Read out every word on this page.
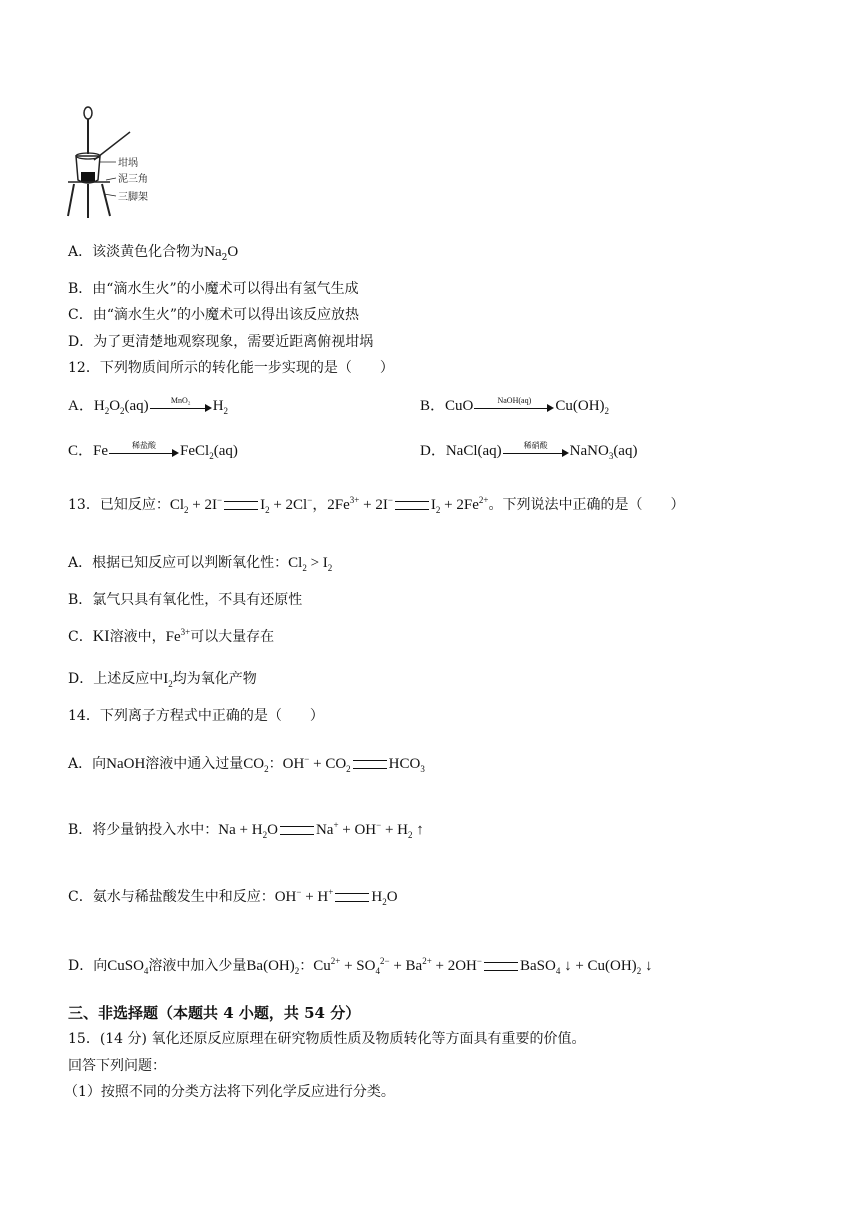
坩埚
泥三角
三脚架
A．该淡黄色化合物为$Na_2O$
B．由“滴水生火”的小魔术可以得出有氢气生成
C．由“滴水生火”的小魔术可以得出该反应放热
D．为了更清楚地观察现象，需要近距离俯视坩埚
12．下列物质间所示的转化能一步实现的是（　　）
A．$H_2O_2(aq)$	MnO₂	$H_2$	B．CuO	NaOH(aq)	$Cu(OH)_2$
C．Fe	稀盐酸	FeCl$_2$(aq)	D．NaCl(aq)	稀硝酸	NaNO$_3$(aq)
13．已知反应：$Cl_2 + 2I^-$	$I_2 + 2Cl^-$，$2Fe^{3+} + 2I^-$	$I_2 + 2Fe^{2+}$。下列说法中正确的是（　　）
A．根据已知反应可以判断氧化性：$Cl_2 > I_2$
B．氯气只具有氧化性，不具有还原性
C．KI溶液中，$Fe^{3+}$可以大量存在
D．上述反应中$I_2$均为氧化产物
14．下列离子方程式中正确的是（　　）
A．向NaOH溶液中通入过量$CO_2$：$OH^- + CO_2$	$HCO_3$
B．将少量钠投入水中：$Na + H_2O$	$Na^+ + OH^- + H_2$ ↑
C．氨水与稀盐酸发生中和反应：OH− + H+	$H_2O$
D．向CuSO$_4$溶液中加入少量$Ba(OH)_2$：$Cu^{2+} + SO_4^{2-} + Ba^{2+} + 2OH^-$	BaSO$_4$ ↓ + $Cu(OH)_2$ ↓
三、非选择题（本题共 4 小题，共 54 分）
15．(14 分) 氧化还原反应原理在研究物质性质及物质转化等方面具有重要的价值。
回答下列问题：
（1）按照不同的分类方法将下列化学反应进行分类。
